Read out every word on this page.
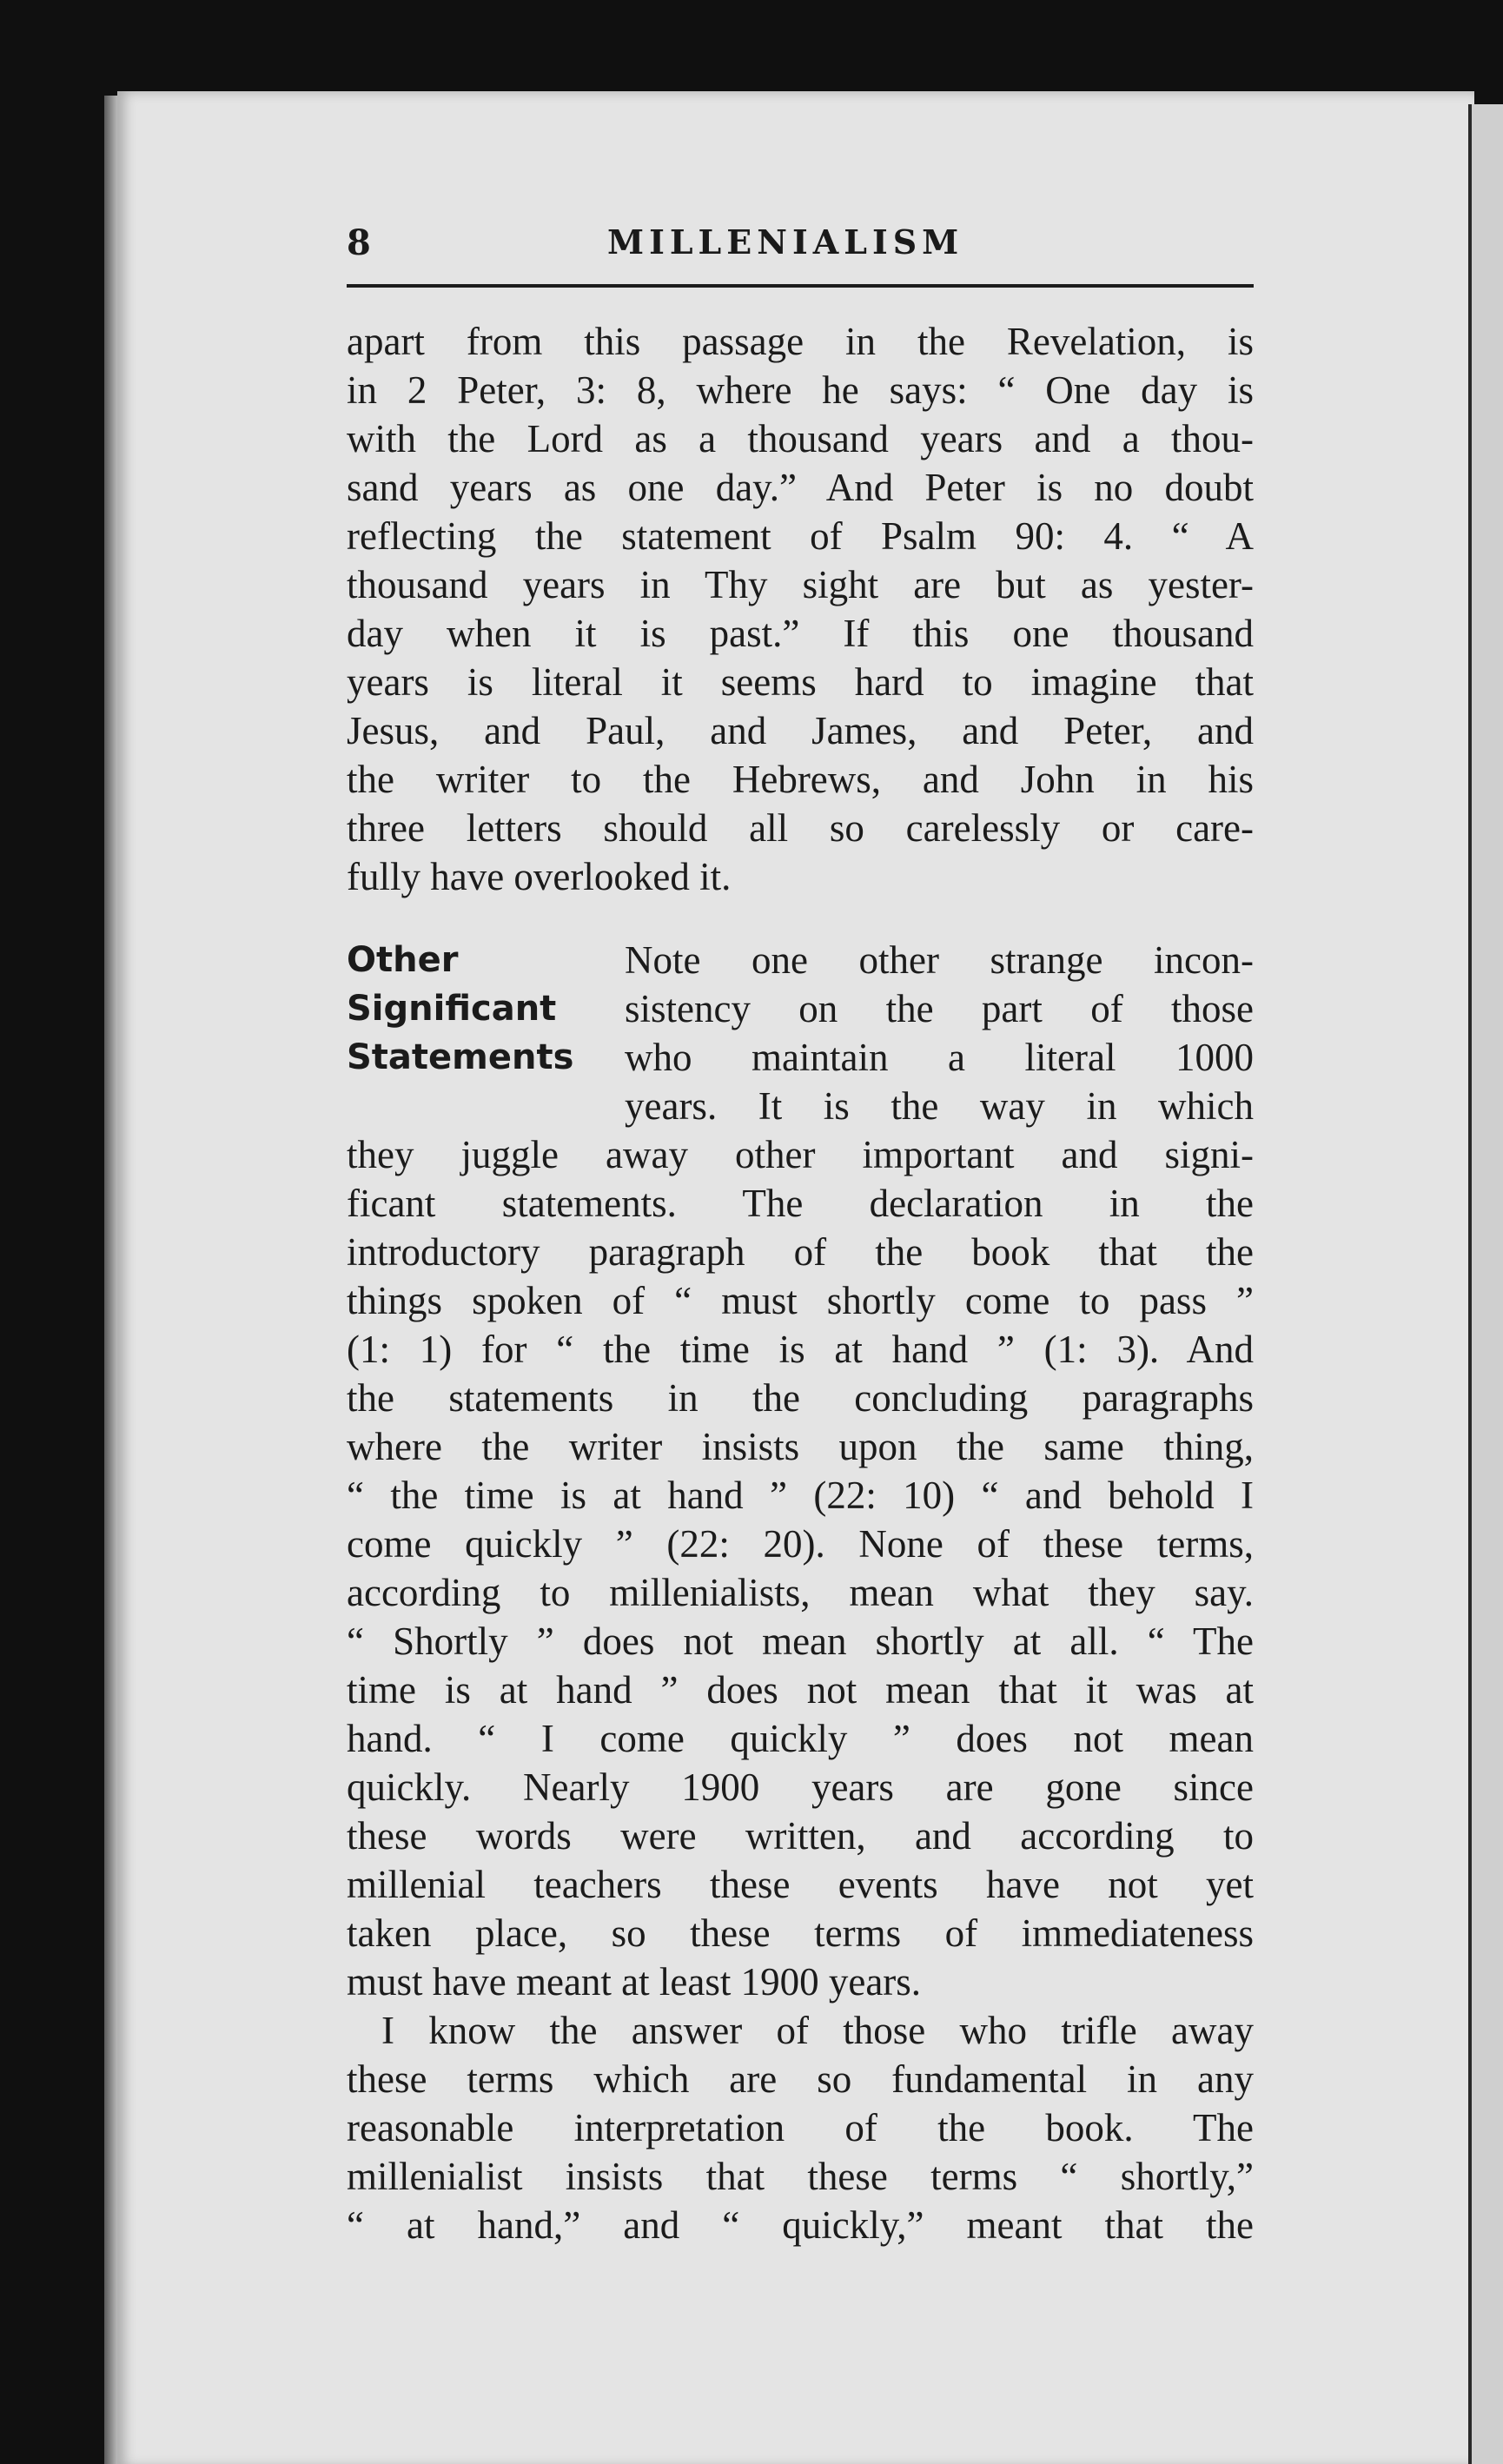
8	MILLENIALISM
apart from this passage in the Revelation, is
in 2 Peter, 3: 8, where he says: “ One day is
with the Lord as a thousand years and a thou-
sand years as one day.” And Peter is no doubt
reflecting the statement of Psalm 90: 4. “ A
thousand years in Thy sight are but as yester-
day when it is past.” If this one thousand
years is literal it seems hard to imagine that
Jesus, and Paul, and James, and Peter, and
the writer to the Hebrews, and John in his
three letters should all so carelessly or care-
fully have overlooked it.
Other
Significant
Statements
Note one other strange incon-
sistency on the part of those
who maintain a literal 1000
years. It is the way in which
they juggle away other important and signi-
ficant statements. The declaration in the
introductory paragraph of the book that the
things spoken of “ must shortly come to pass ”
(1: 1) for “ the time is at hand ” (1: 3). And
the statements in the concluding paragraphs
where the writer insists upon the same thing,
“ the time is at hand ” (22: 10) “ and behold I
come quickly ” (22: 20). None of these terms,
according to millenialists, mean what they say.
“ Shortly ” does not mean shortly at all. “ The
time is at hand ” does not mean that it was at
hand. “ I come quickly ” does not mean
quickly. Nearly 1900 years are gone since
these words were written, and according to
millenial teachers these events have not yet
taken place, so these terms of immediateness
must have meant at least 1900 years.
I know the answer of those who trifle away
these terms which are so fundamental in any
reasonable interpretation of the book. The
millenialist insists that these terms “ shortly,”
“ at hand,” and “ quickly,” meant that the
